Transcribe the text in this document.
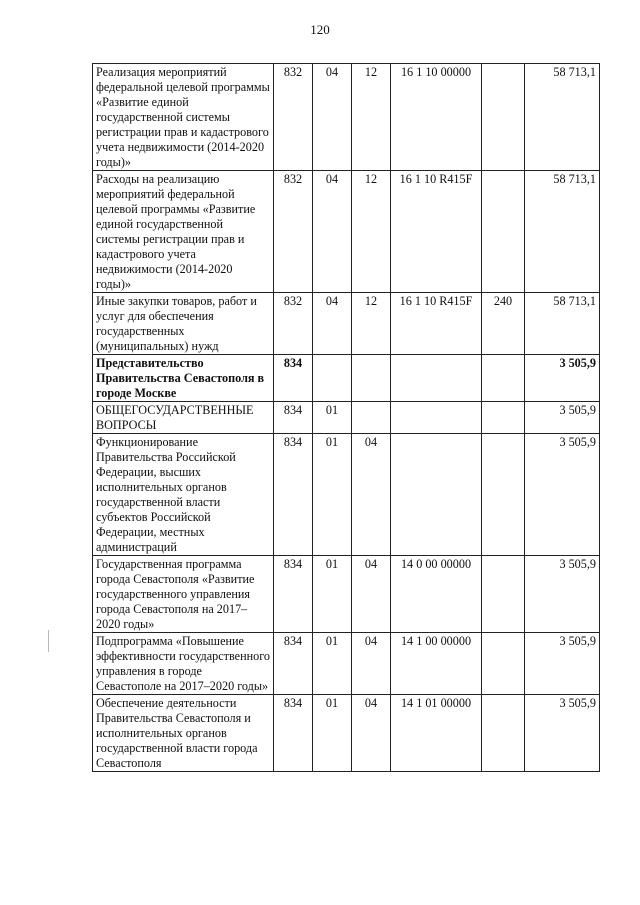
120
Реализация мероприятий федеральной целевой программы «Развитие единой государственной системы регистрации прав и кадастрового учета недвижимости (2014-2020 годы)»	832	04	12	16 1 10 00000		58 713,1
Расходы на реализацию мероприятий федеральной целевой программы «Развитие единой государственной системы регистрации прав и кадастрового учета недвижимости (2014-2020 годы)»	832	04	12	16 1 10 R415F		58 713,1
Иные закупки товаров, работ и услуг для обеспечения государственных (муниципальных) нужд	832	04	12	16 1 10 R415F	240	58 713,1
Представительство Правительства Севастополя в городе Москве	834					3 505,9
ОБЩЕГОСУДАРСТВЕННЫЕ ВОПРОСЫ	834	01				3 505,9
Функционирование Правительства Российской Федерации, высших исполнительных органов государственной власти субъектов Российской Федерации, местных администраций	834	01	04			3 505,9
Государственная программа города Севастополя «Развитие государственного управления города Севастополя на 2017–2020 годы»	834	01	04	14 0 00 00000		3 505,9
Подпрограмма «Повышение эффективности государственного управления в городе Севастополе на 2017–2020 годы»	834	01	04	14 1 00 00000		3 505,9
Обеспечение деятельности Правительства Севастополя и исполнительных органов государственной власти города Севастополя	834	01	04	14 1 01 00000		3 505,9
